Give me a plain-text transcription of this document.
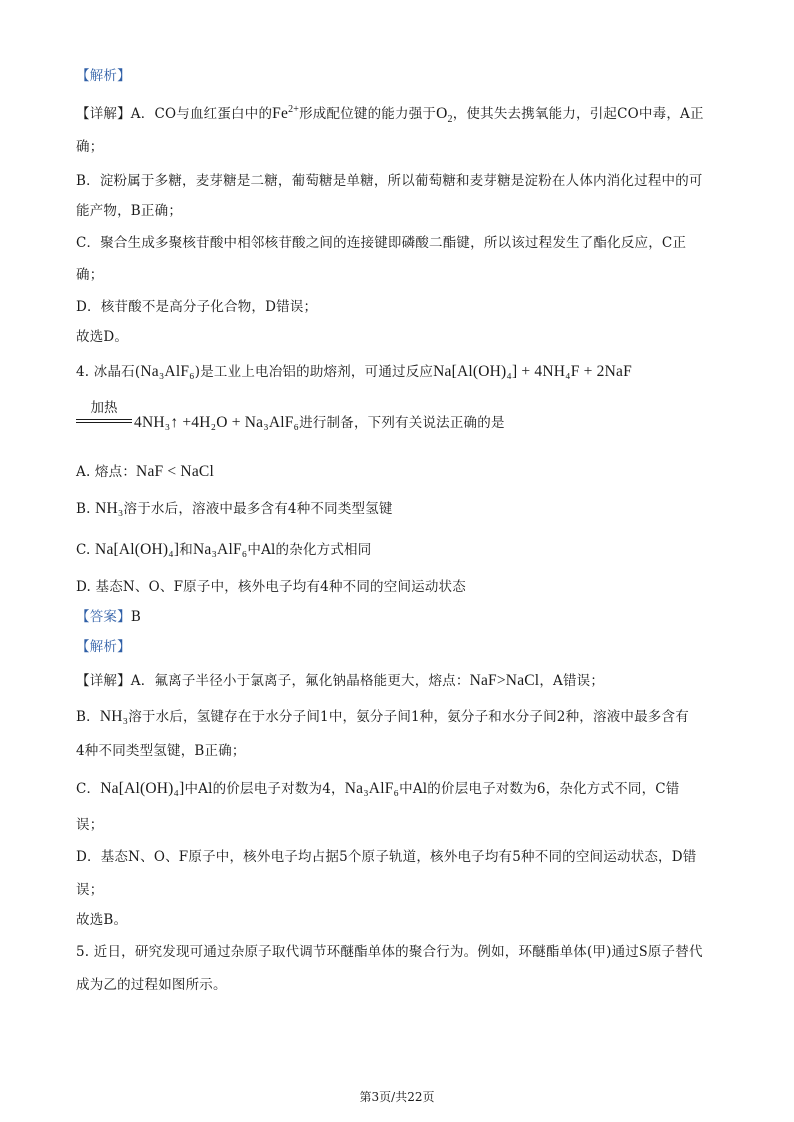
【解析】
【详解】A．CO与血红蛋白中的$Fe^{2+}$形成配位键的能力强于$O_2$，使其失去携氧能力，引起CO中毒，A正
确；
B．淀粉属于多糖，麦芽糖是二糖，葡萄糖是单糖，所以葡萄糖和麦芽糖是淀粉在人体内消化过程中的可
能产物，B正确；
C．聚合生成多聚核苷酸中相邻核苷酸之间的连接键即磷酸二酯键，所以该过程发生了酯化反应，C正
确；
D．核苷酸不是高分子化合物，D错误；
故选D。
4. 冰晶石(Na₃AlF₆)是工业上电冶铝的助熔剂，可通过反应Na[Al(OH)₄] + 4NH₄F + 2NaF
加热
4NH₃↑ +4H₂O + Na₃AlF₆进行制备，下列有关说法正确的是
A. 熔点：NaF < NaCl
B. NH₃溶于水后，溶液中最多含有4种不同类型氢键
C. Na[Al(OH)₄]和Na₃AlF₆中Al的杂化方式相同
D. 基态N、O、F原子中，核外电子均有4种不同的空间运动状态
【答案】B
【解析】
【详解】A．氟离子半径小于氯离子，氟化钠晶格能更大，熔点：NaF>NaCl，A错误；
B．NH₃溶于水后，氢键存在于水分子间1中，氨分子间1种，氨分子和水分子间2种，溶液中最多含有
4种不同类型氢键，B正确；
C．Na[Al(OH)₄]中Al的价层电子对数为4，Na₃AlF₆中Al的价层电子对数为6，杂化方式不同，C错
误；
D．基态N、O、F原子中，核外电子均占据5个原子轨道，核外电子均有5种不同的空间运动状态，D错
误；
故选B。
5. 近日，研究发现可通过杂原子取代调节环醚酯单体的聚合行为。例如，环醚酯单体(甲)通过S原子替代
成为乙的过程如图所示。
第3页/共22页
